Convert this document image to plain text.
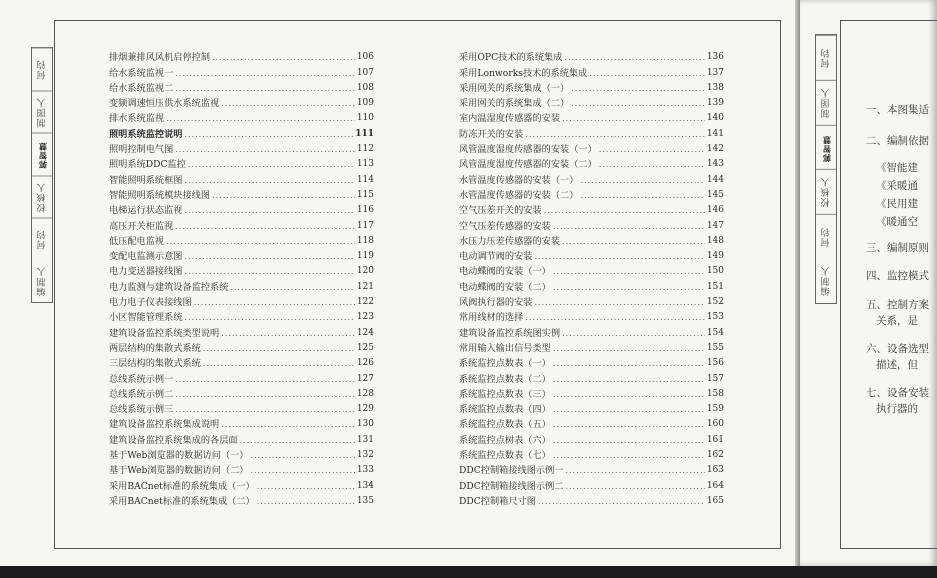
何钧
制图人
郭智慧
校核人
何钧
编制人
排烟兼排风风机启停控制 .....	106
给水系统监视一 .....	107
给水系统监视二 .....	108
变频调速恒压供水系统监视 .....	109
排水系统监视 .....	110
照明系统监控说明 .....	111
照明控制电气图 .....	112
照明系统DDC监控 .....	113
智能照明系统框图 .....	114
智能照明系统模块接线图 .....	115
电梯运行状态监视 .....	116
高压开关柜监视 .....	117
低压配电监视 .....	118
变配电监测示意图 .....	119
电力变送器接线图 .....	120
电力监测与建筑设备监控系统 .....	121
电力电子仪表接线图 .....	122
小区智能管理系统 .....	123
建筑设备监控系统类型说明 .....	124
两层结构的集散式系统 .....	125
三层结构的集散式系统 .....	126
总线系统示例一 .....	127
总线系统示例二 .....	128
总线系统示例三 .....	129
建筑设备监控系统集成说明 .....	130
建筑设备监控系统集成的各层面 .....	131
基于Web浏览器的数据访问（一） .....	132
基于Web浏览器的数据访问（二） .....	133
采用BACnet标准的系统集成（一） .....	134
采用BACnet标准的系统集成（二） .....	135
采用OPC技术的系统集成 .....	136
采用Lonworks技术的系统集成 .....	137
采用网关的系统集成（一） .....	138
采用网关的系统集成（二） .....	139
室内温湿度传感器的安装 .....	140
防冻开关的安装 .....	141
风管温度湿度传感器的安装（一） .....	142
风管温度湿度传感器的安装（二） .....	143
水管温度传感器的安装（一） .....	144
水管温度传感器的安装（二） .....	145
空气压差开关的安装 .....	146
空气压差传感器的安装 .....	147
水压力压差传感器的安装 .....	148
电动调节阀的安装 .....	149
电动蝶阀的安装（一） .....	150
电动蝶阀的安装（二） .....	151
风阀执行器的安装 .....	152
常用线材的选择 .....	153
建筑设备监控系统图实例 .....	154
常用输入输出信号类型 .....	155
系统监控点数表（一） .....	156
系统监控点数表（二） .....	157
系统监控点数表（三） .....	158
系统监控点数表（四） .....	159
系统监控点数表（五） .....	160
系统监控点树表（六） .....	161
系统监控点数表（七） .....	162
DDC控制箱接线图示例一 .....	163
DDC控制箱接线图示例二 .....	164
DDC控制箱尺寸图 .....	165
何钧
制图人
郭智慧
校核人
何钧
编制人
一、本图集适
二、编制依据
《智能建
《采暖通
《民用建
《暖通空
三、编制原则
四、监控模式
五、控制方案
关系，是
六、设备选型
描述，但
七、设备安装
执行器的
